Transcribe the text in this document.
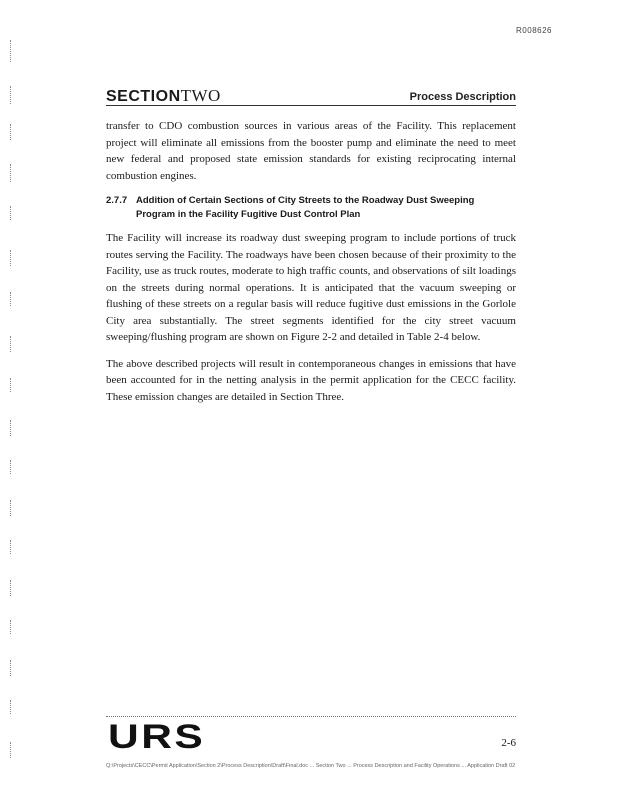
R008626
SECTIONTWO	Process Description

transfer to CDO combustion sources in various areas of the Facility. This replacement project will eliminate all emissions from the booster pump and eliminate the need to meet new federal and proposed state emission standards for existing reciprocating internal combustion engines.

2.7.7 Addition of Certain Sections of City Streets to the Roadway Dust Sweeping Program in the Facility Fugitive Dust Control Plan

The Facility will increase its roadway dust sweeping program to include portions of truck routes serving the Facility. The roadways have been chosen because of their proximity to the Facility, use as truck routes, moderate to high traffic counts, and observations of silt loadings on the streets during normal operations. It is anticipated that the vacuum sweeping or flushing of these streets on a regular basis will reduce fugitive dust emissions in the Gorlole City area substantially. The street segments identified for the city street vacuum sweeping/flushing program are shown on Figure 2-2 and detailed in Table 2-4 below.

The above described projects will result in contemporaneous changes in emissions that have been accounted for in the netting analysis in the permit application for the CECC facility. These emission changes are detailed in Section Three.

URS	2-6
Q:\Projects\CECC\Permit Application\Section 2\Process Description\Draft\Final.doc ... Section Two ... Process Description and Facility Operations ... Application Draft 02
